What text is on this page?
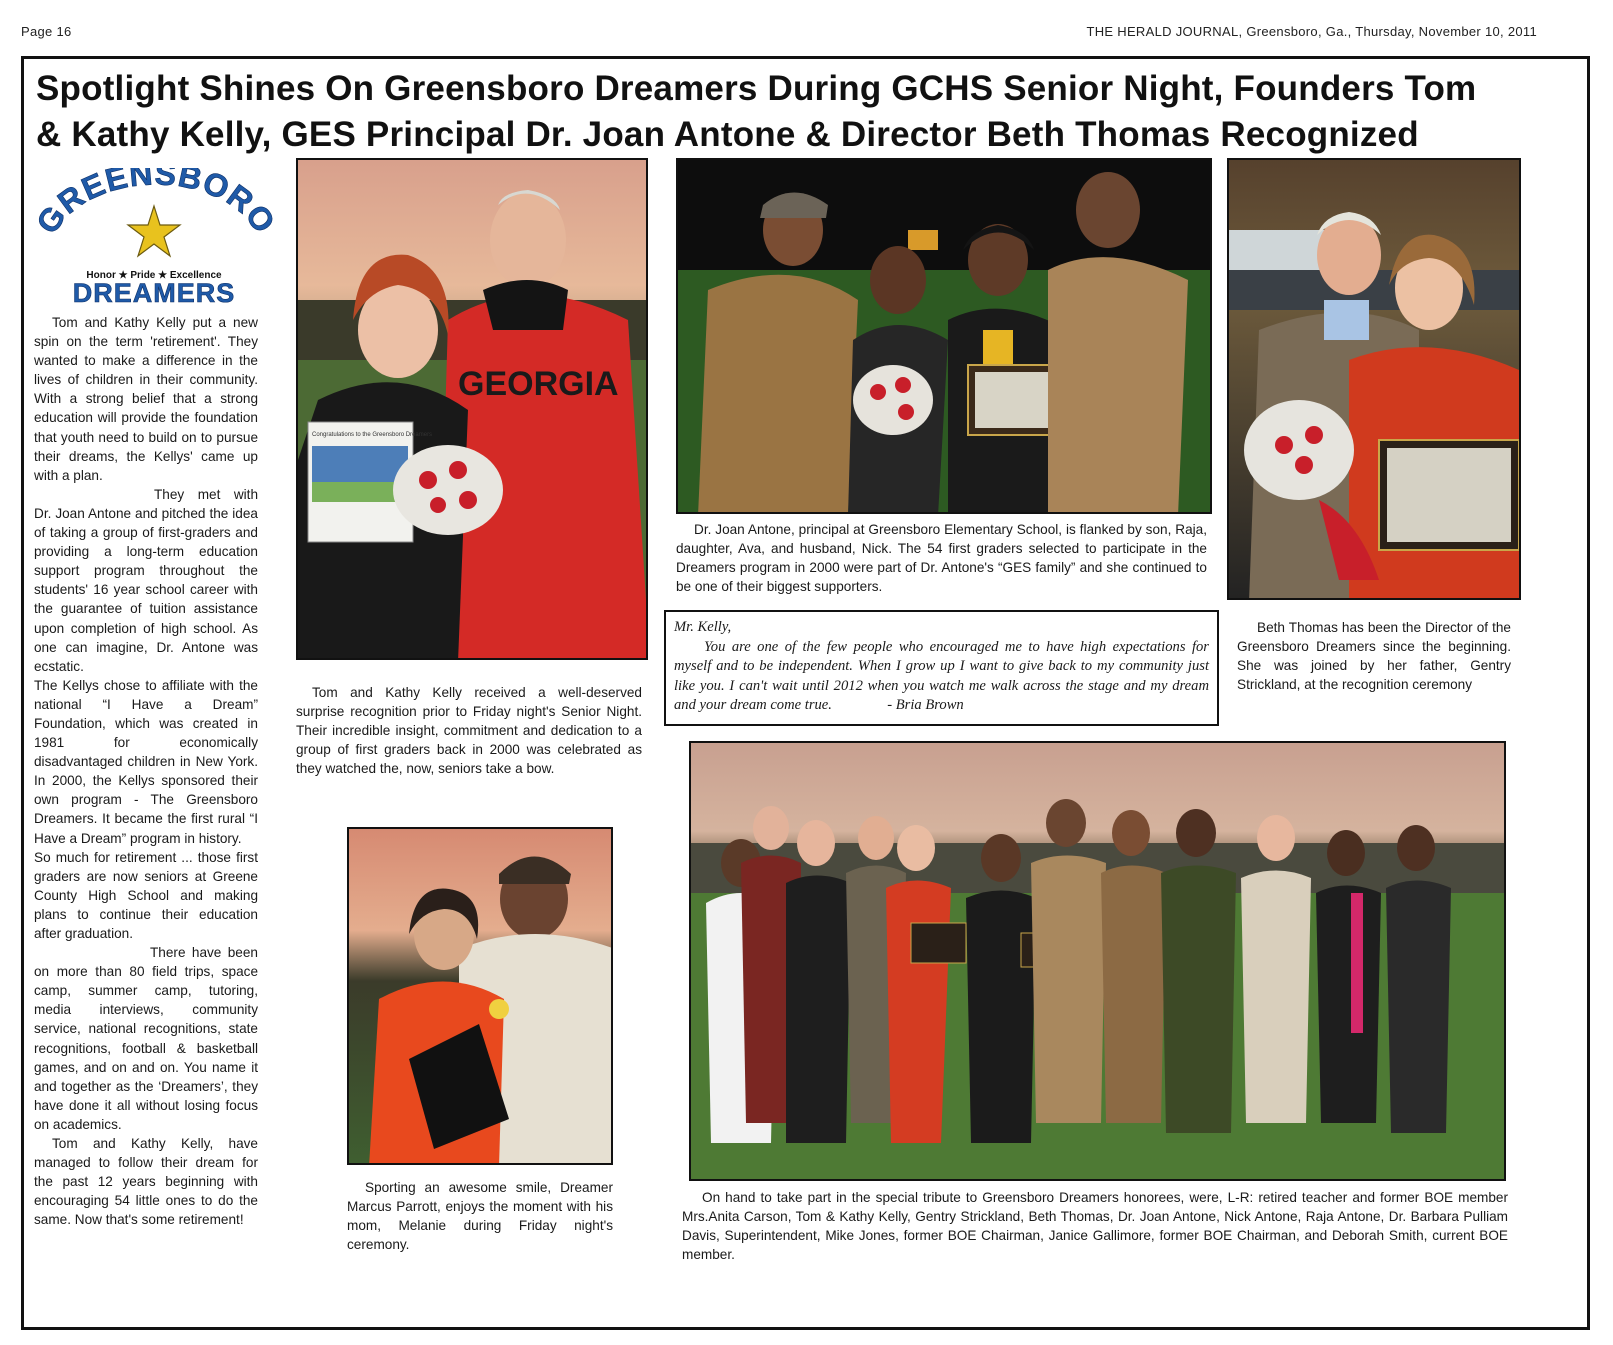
Page 16	THE HERALD JOURNAL, Greensboro, Ga., Thursday, November 10, 2011
Spotlight Shines On Greensboro Dreamers During GCHS Senior Night, Founders Tom
& Kathy Kelly, GES Principal Dr. Joan Antone & Director Beth Thomas Recognized
REENSBOR
Honor ★ Pride ★ Excellence
DREAMERS

Tom and Kathy Kelly put a new spin on the term 'retirement'. They wanted to make a difference in the lives of children in their community. With a strong belief that a strong education will provide the foundation that youth need to build on to pursue their dreams, the Kellys' came up with a plan.

They met with Dr. Joan Antone and pitched the idea of taking a group of first-graders and providing a long-term education support program throughout the students' 16 year school career with the guarantee of tuition assistance upon completion of high school. As one can imagine, Dr. Antone was ecstatic.

The Kellys chose to affiliate with the national “I Have a Dream” Foundation, which was created in 1981 for economically disadvantaged children in New York. In 2000, the Kellys sponsored their own program - The Greensboro Dreamers. It became the first rural “I Have a Dream” program in history.

So much for retirement ... those first graders are now seniors at Greene County High School and making plans to continue their education after graduation.

There have been on more than 80 field trips, space camp, summer camp, tutoring, media interviews, community service, national recognitions, state recognitions, football & basketball games, and on and on. You name it and together as the ‘Dreamers’, they have done it all without losing focus on academics.

Tom and Kathy Kelly, have managed to follow their dream for the past 12 years beginning with encouraging 54 little ones to do the same. Now that's some retirement!

GEORGIA
Congratulations to the Greensboro Dreamers
Tom and Kathy Kelly received a well-deserved surprise recognition prior to Friday night's Senior Night. Their incredible insight, commitment and dedication to a group of first graders back in 2000 was celebrated as they watched the, now, seniors take a bow.
Dr. Joan Antone, principal at Greensboro Elementary School, is flanked by son, Raja, daughter, Ava, and husband, Nick. The 54 first graders selected to participate in the Dreamers program in 2000 were part of Dr. Antone's “GES family” and she continued to be one of their biggest supporters.
Beth Thomas has been the Director of the Greensboro Dreamers since the beginning. She was joined by her father, Gentry Strickland, at the recognition ceremony
Mr. Kelly,
You are one of the few people who encouraged me to have high expectations for myself and to be independent. When I grow up I want to give back to my community just like you. I can't wait until 2012 when you watch me walk across the stage and my dream and your dream come true.	- Bria Brown
Sporting an awesome smile, Dreamer Marcus Parrott, enjoys the moment with his mom, Melanie during Friday night's ceremony.
On hand to take part in the special tribute to Greensboro Dreamers honorees, were, L-R: retired teacher and former BOE member Mrs.Anita Carson, Tom & Kathy Kelly, Gentry Strickland, Beth Thomas, Dr. Joan Antone, Nick Antone, Raja Antone, Dr. Barbara Pulliam Davis, Superintendent, Mike Jones, former BOE Chairman, Janice Gallimore, former BOE Chairman, and Deborah Smith, current BOE member.
